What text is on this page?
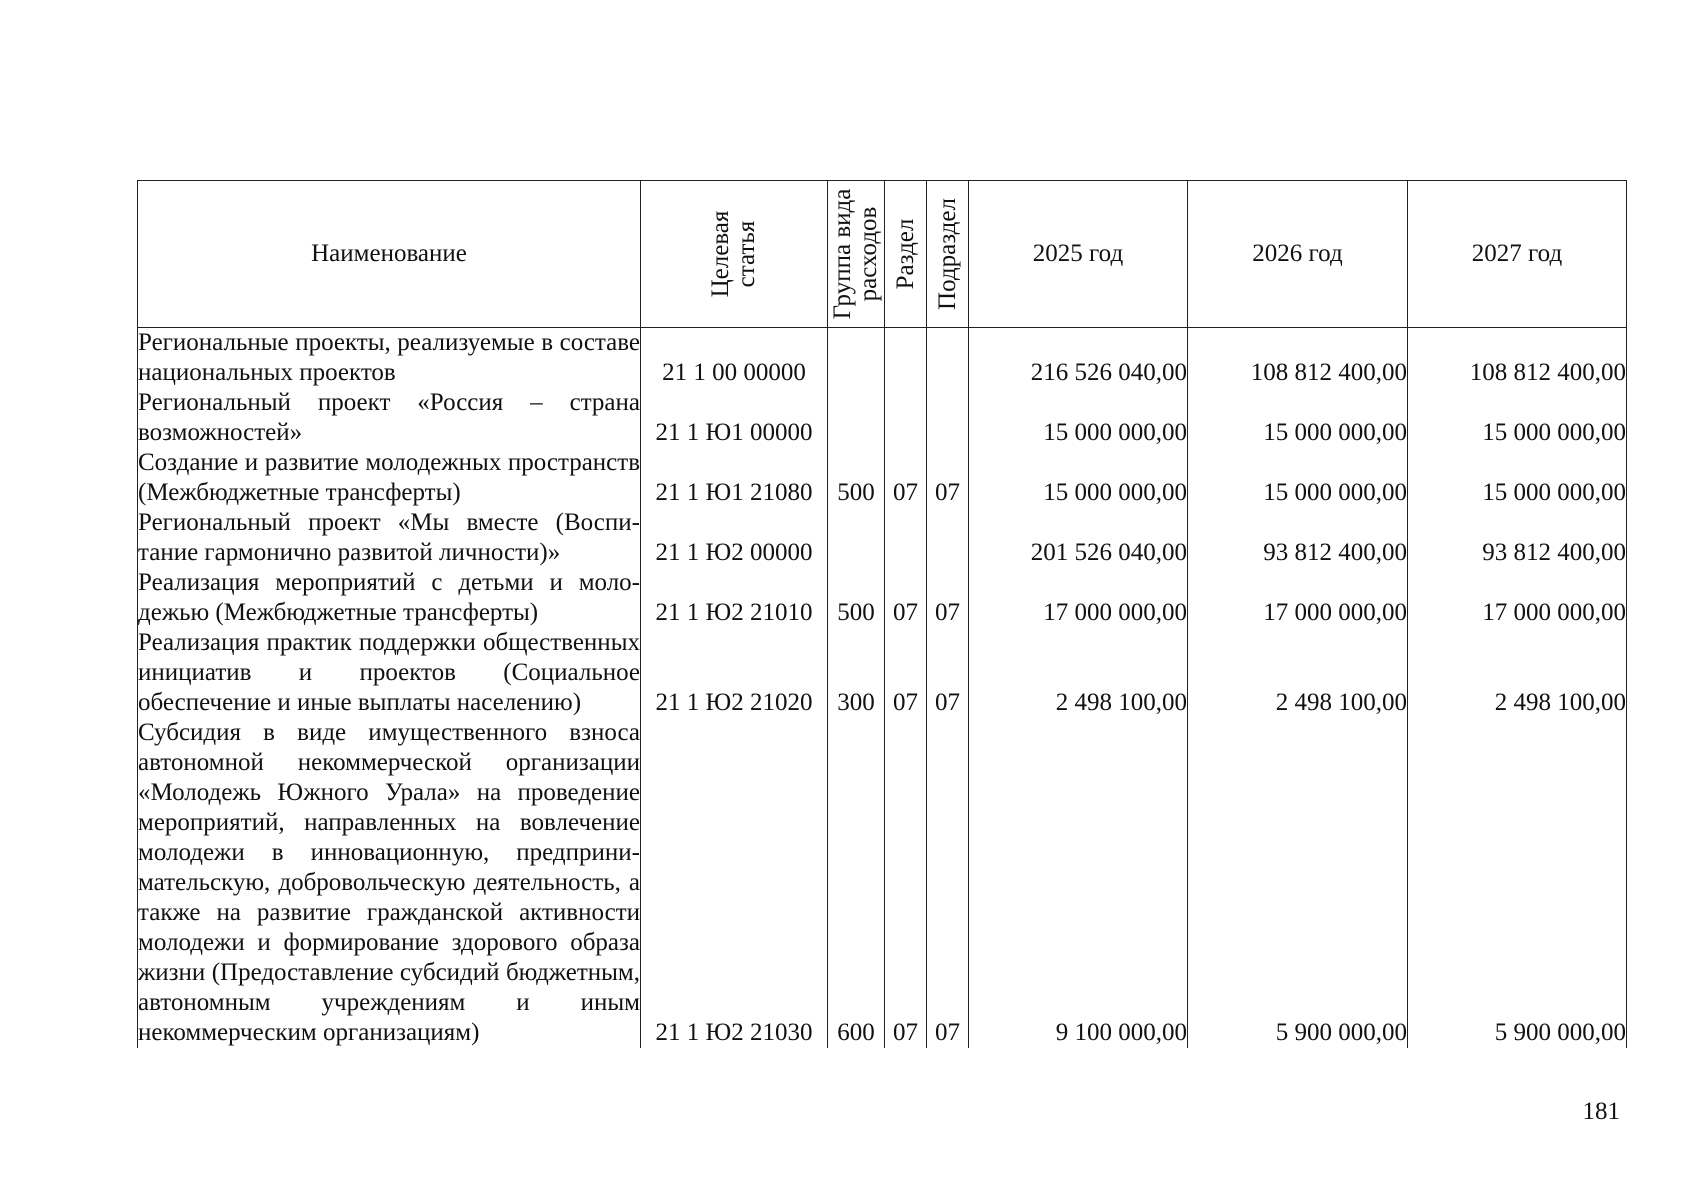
Наименование	Целевая статья	Группа вида расходов	Раздел	Подраздел	2025 год	2026 год	2027 год
Региональные проекты, реализуемые в составе национальных проектов	21 1 00 00000				216 526 040,00	108 812 400,00	108 812 400,00
Региональный проект «Россия – страна возможностей»	21 1 Ю1 00000				15 000 000,00	15 000 000,00	15 000 000,00
Создание и развитие молодежных пространств (Межбюджетные трансферты)	21 1 Ю1 21080	500	07	07	15 000 000,00	15 000 000,00	15 000 000,00
Региональный проект «Мы вместе (Воспитание гармонично развитой личности)»	21 1 Ю2 00000				201 526 040,00	93 812 400,00	93 812 400,00
Реализация мероприятий с детьми и молодежью (Межбюджетные трансферты)	21 1 Ю2 21010	500	07	07	17 000 000,00	17 000 000,00	17 000 000,00
Реализация практик поддержки общественных инициатив и проектов (Социальное обеспечение и иные выплаты населению)	21 1 Ю2 21020	300	07	07	2 498 100,00	2 498 100,00	2 498 100,00
Субсидия в виде имущественного взноса автономной некоммерческой организации «Молодежь Южного Урала» на проведение мероприятий, направленных на вовлечение молодежи в инновационную, предпринимательскую, добровольческую деятельность, а также на развитие гражданской активности молодежи и формирование здорового образа жизни (Предоставление субсидий бюджетным, автономным учреждениям и иным некоммерческим организациям)	21 1 Ю2 21030	600	07	07	9 100 000,00	5 900 000,00	5 900 000,00
181
